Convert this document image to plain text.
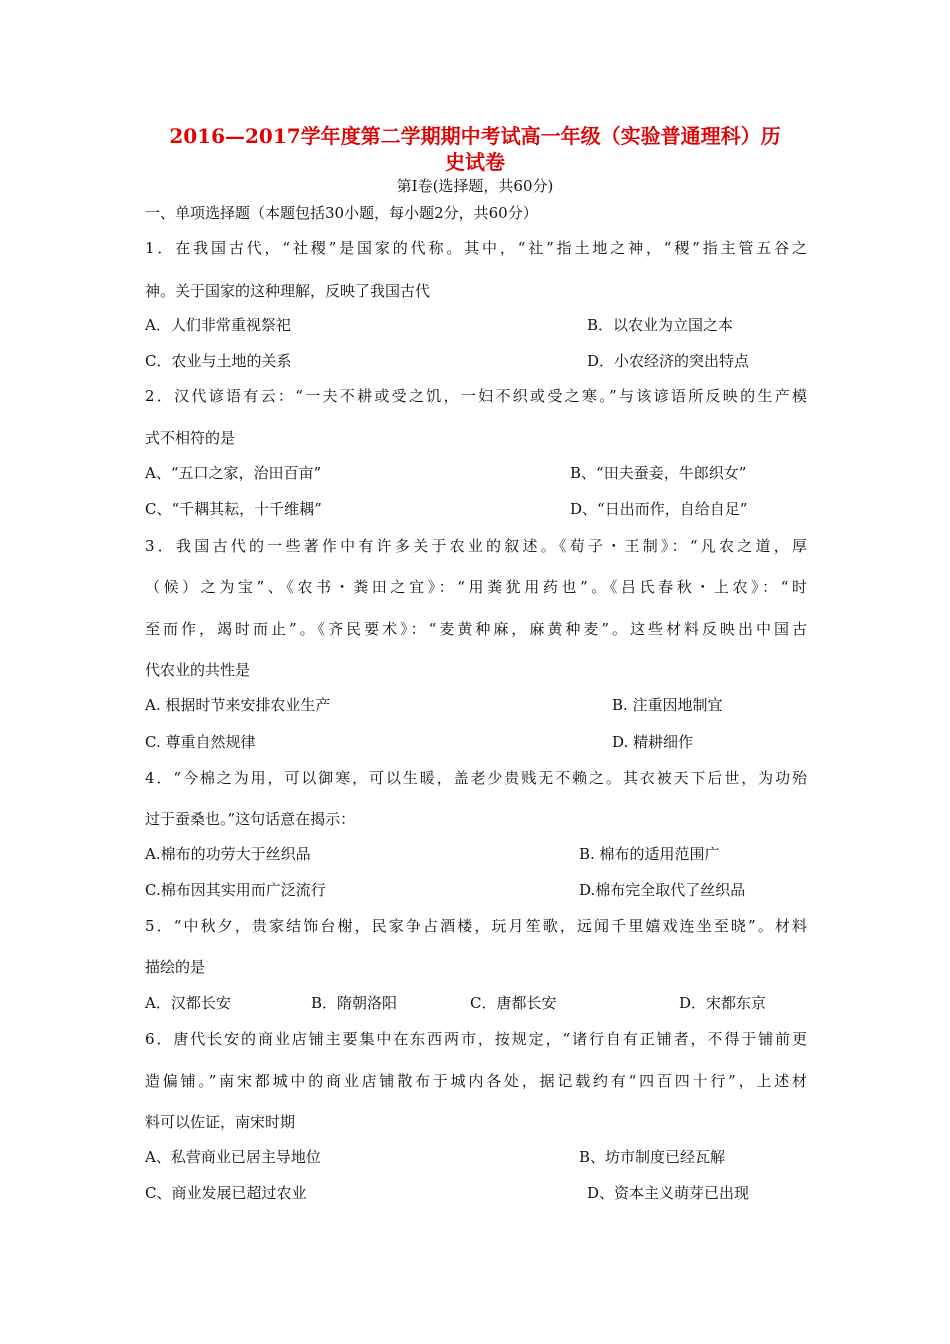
2016—2017学年度第二学期期中考试高一年级（实验普通理科）历
史试卷
第Ⅰ卷(选择题，共60分)
一、单项选择题（本题包括30小题，每小题2分，共60分）
1．在我国古代，“社稷”是国家的代称。其中，“社”指土地之神，“稷”指主管五谷之
神。关于国家的这种理解，反映了我国古代
A．人们非常重视祭祀	B．以农业为立国之本
C．农业与土地的关系	D．小农经济的突出特点
2．汉代谚语有云：“一夫不耕或受之饥，一妇不织或受之寒。”与该谚语所反映的生产模
式不相符的是
A、“五口之家，治田百亩”	B、“田夫蚕妾，牛郎织女”
C、“千耦其耘，十千维耦”	D、“日出而作，自给自足”
3．我国古代的一些著作中有许多关于农业的叙述。《荀子・王制》：“凡农之道，厚
（候）之为宝”、《农书・粪田之宜》：“用粪犹用药也”。《吕氏春秋・上农》：“时
至而作，竭时而止”。《齐民要术》：“麦黄种麻，麻黄种麦”。这些材料反映出中国古
代农业的共性是
A. 根据时节来安排农业生产	B. 注重因地制宜
C. 尊重自然规律	D. 精耕细作
4．“今棉之为用，可以御寒，可以生暖，盖老少贵贱无不赖之。其衣被天下后世，为功殆
过于蚕桑也。”这句话意在揭示：
A.棉布的功劳大于丝织品	B. 棉布的适用范围广
C.棉布因其实用而广泛流行	D.棉布完全取代了丝织品
5．“中秋夕，贵家结饰台榭，民家争占酒楼，玩月笙歌，远闻千里嬉戏连坐至晓”。材料
描绘的是
A．汉都长安	B．隋朝洛阳	C．唐都长安	D．宋都东京
6．唐代长安的商业店铺主要集中在东西两市，按规定，“诸行自有正铺者，不得于铺前更
造偏铺。”南宋都城中的商业店铺散布于城内各处，据记载约有“四百四十行”，上述材
料可以佐证，南宋时期
A、私营商业已居主导地位	B、坊市制度已经瓦解
C、商业发展已超过农业	D、资本主义萌芽已出现
